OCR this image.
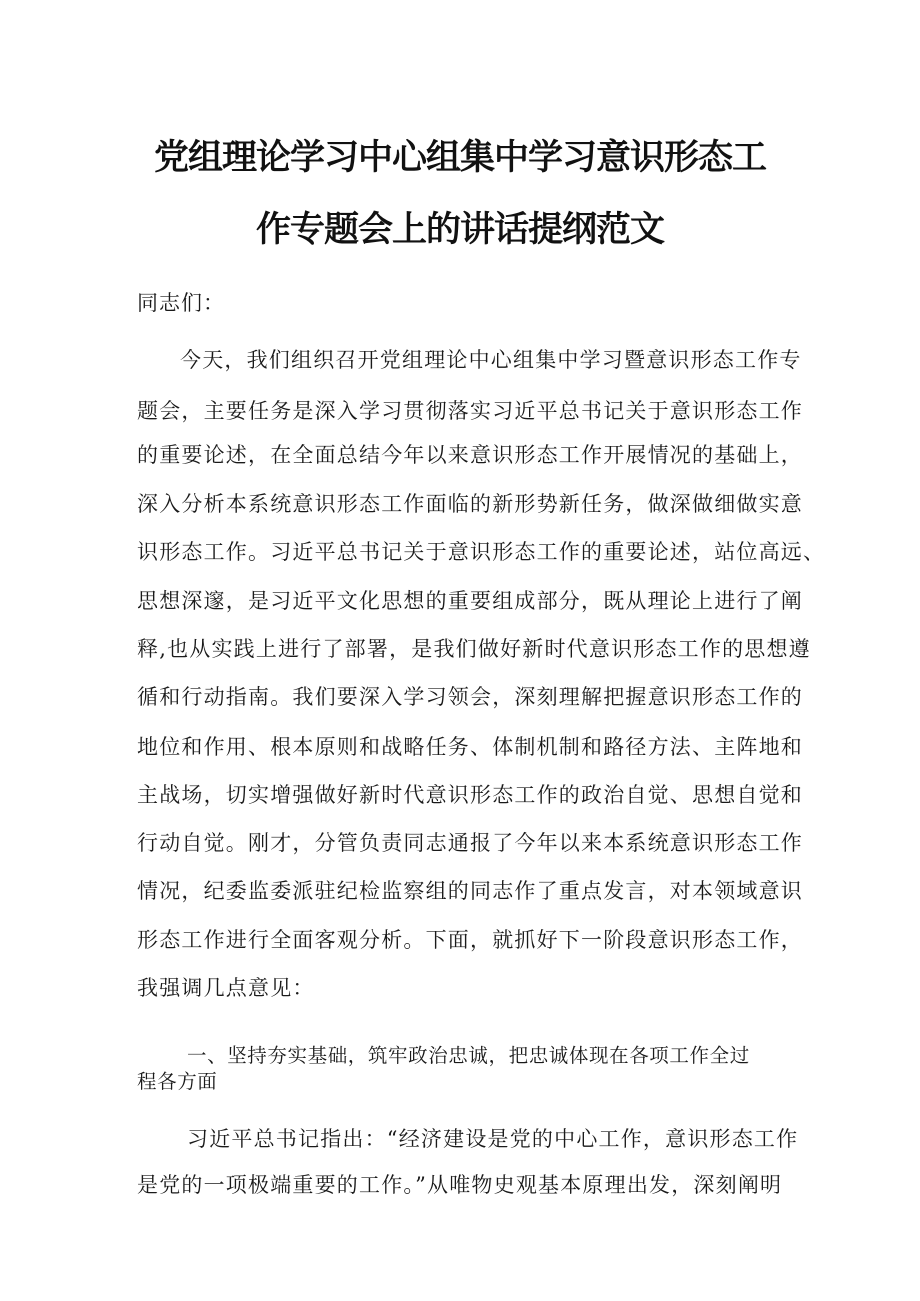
党组理论学习中心组集中学习意识形态工
作专题会上的讲话提纲范文
同志们：
今天，我们组织召开党组理论中心组集中学习暨意识形态工作专
题会，主要任务是深入学习贯彻落实习近平总书记关于意识形态工作
的重要论述，在全面总结今年以来意识形态工作开展情况的基础上，
深入分析本系统意识形态工作面临的新形势新任务，做深做细做实意
识形态工作。习近平总书记关于意识形态工作的重要论述，站位高远、
思想深邃，是习近平文化思想的重要组成部分，既从理论上进行了阐
释,也从实践上进行了部署，是我们做好新时代意识形态工作的思想遵
循和行动指南。我们要深入学习领会，深刻理解把握意识形态工作的
地位和作用、根本原则和战略任务、体制机制和路径方法、主阵地和
主战场，切实增强做好新时代意识形态工作的政治自觉、思想自觉和
行动自觉。刚才，分管负责同志通报了今年以来本系统意识形态工作
情况，纪委监委派驻纪检监察组的同志作了重点发言，对本领域意识
形态工作进行全面客观分析。下面，就抓好下一阶段意识形态工作，
我强调几点意见：
一、坚持夯实基础，筑牢政治忠诚，把忠诚体现在各项工作全过
程各方面
习近平总书记指出：“经济建设是党的中心工作，意识形态工作
是党的一项极端重要的工作。”从唯物史观基本原理出发，深刻阐明
